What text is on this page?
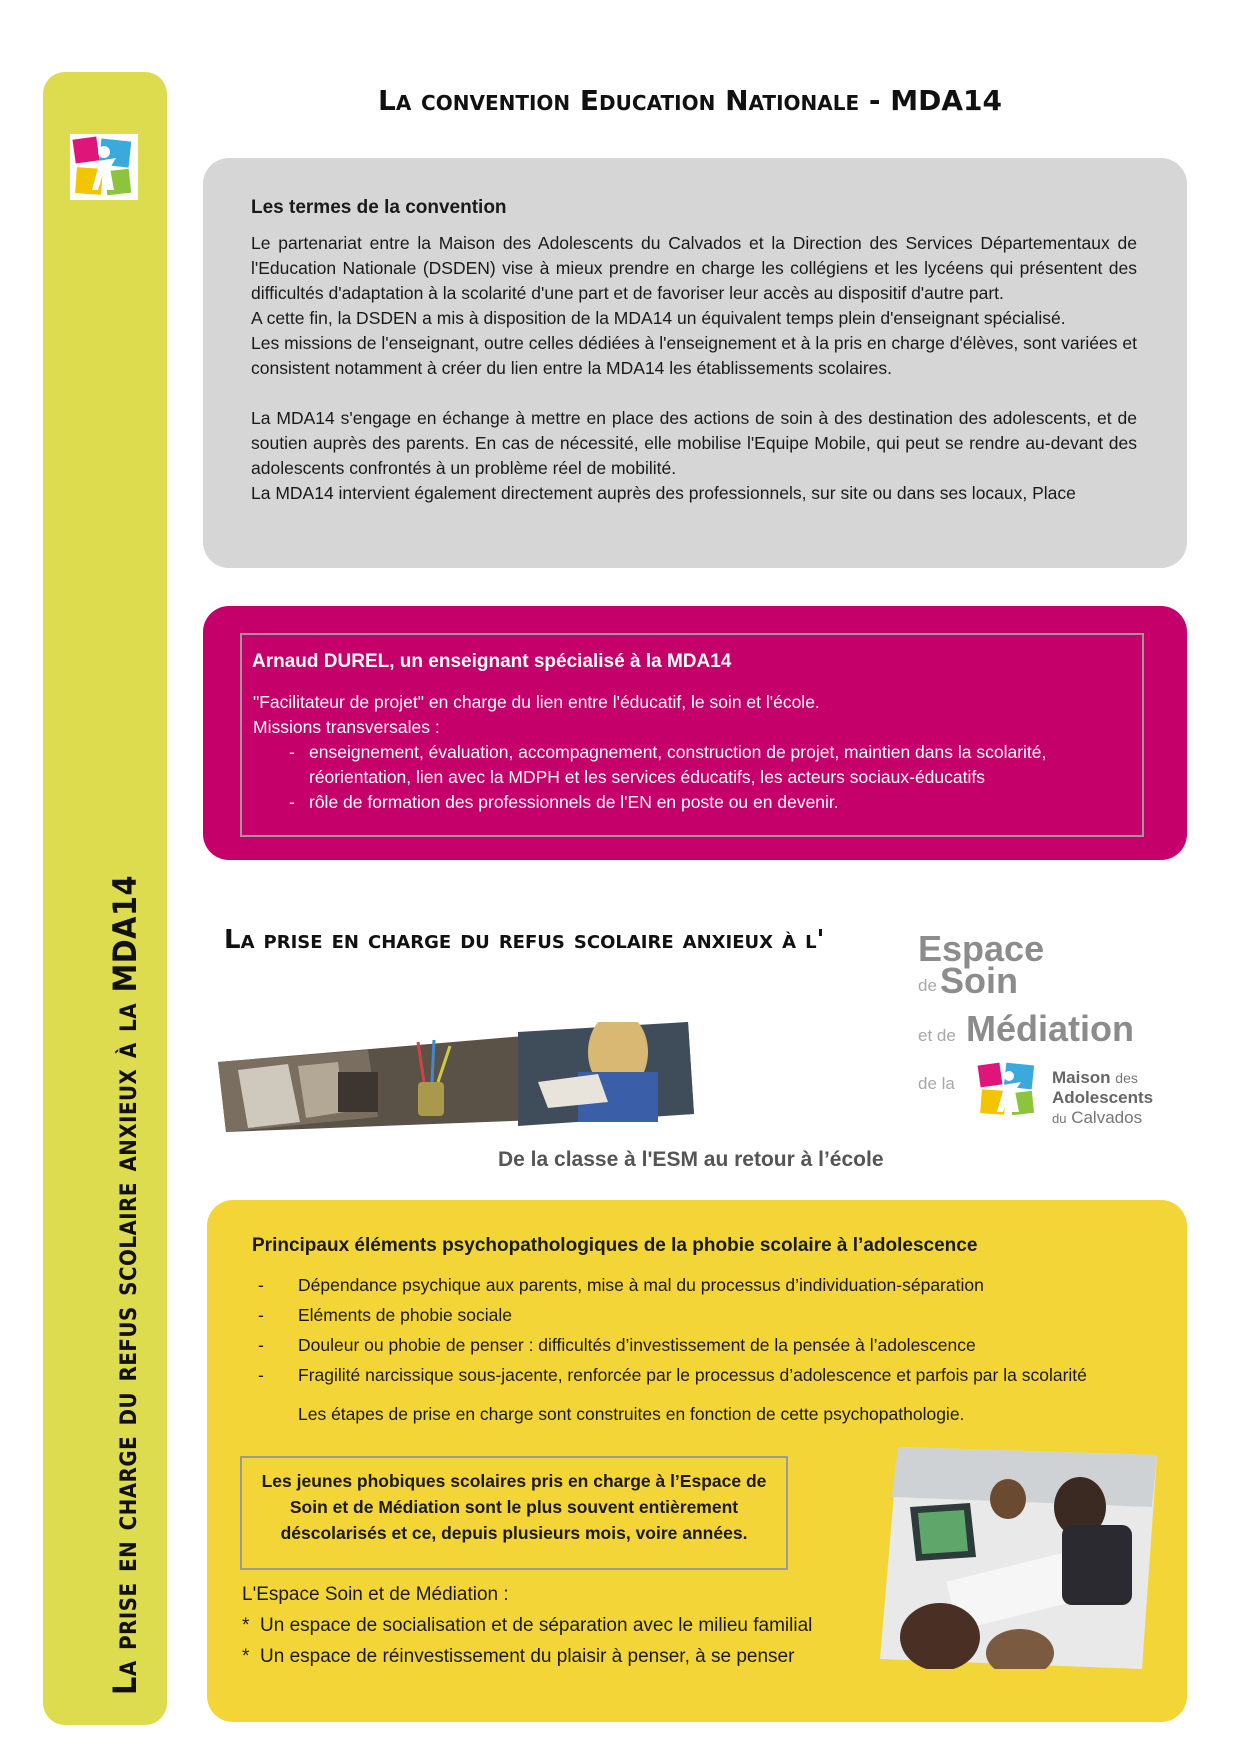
La prise en charge du refus scolaire anxieux à la MDA14
La convention Education Nationale - MDA14
Les termes de la convention

Le partenariat entre la Maison des Adolescents du Calvados et la Direction des Services Départementaux de l'Education Nationale (DSDEN) vise à mieux prendre en charge les collégiens et les lycéens qui présentent des difficultés d'adaptation à la scolarité d'une part et de favoriser leur accès au dispositif d'autre part.

A cette fin, la DSDEN a mis à disposition de la MDA14 un équivalent temps plein d'enseignant spécialisé.

Les missions de l'enseignant, outre celles dédiées à l'enseignement et à la pris en charge d'élèves, sont variées et consistent notamment à créer du lien entre la MDA14 les établissements scolaires.

La MDA14 s'engage en échange à mettre en place des actions de soin à des destination des adolescents, et de soutien auprès des parents. En cas de nécessité, elle mobilise l'Equipe Mobile, qui peut se rendre au-devant des adolescents confrontés à un problème réel de mobilité.

La MDA14 intervient également directement auprès des professionnels, sur site ou dans ses locaux, Place

Arnaud DUREL, un enseignant spécialisé à la MDA14

"Facilitateur de projet" en charge du lien entre l'éducatif, le soin et l'école.

Missions transversales :

- enseignement, évaluation, accompagnement, construction de projet, maintien dans la scolarité, réorientation, lien avec la MDPH et les services éducatifs, les acteurs sociaux-éducatifs
- rôle de formation des professionnels de l'EN en poste ou en devenir.
La prise en charge du refus scolaire anxieux à l'	Espace
de Soin
et de Médiation
de la	Maison des
Adolescents
du Calvados
De la classe à l'ESM au retour à l’école
Principaux éléments psychopathologiques de la phobie scolaire à l’adolescence
- Dépendance psychique aux parents, mise à mal du processus d’individuation-séparation
- Eléments de phobie sociale
- Douleur ou phobie de penser : difficultés d’investissement de la pensée à l’adolescence
- Fragilité narcissique sous-jacente, renforcée par le processus d’adolescence et parfois par la scolarité
Les étapes de prise en charge sont construites en fonction de cette psychopathologie.
Les jeunes phobiques scolaires pris en charge à l’Espace de Soin et de Médiation sont le plus souvent entièrement déscolarisés et ce, depuis plusieurs mois, voire années.

L'Espace Soin et de Médiation :

* Un espace de socialisation et de séparation avec le milieu familial
* Un espace de réinvestissement du plaisir à penser, à se penser
